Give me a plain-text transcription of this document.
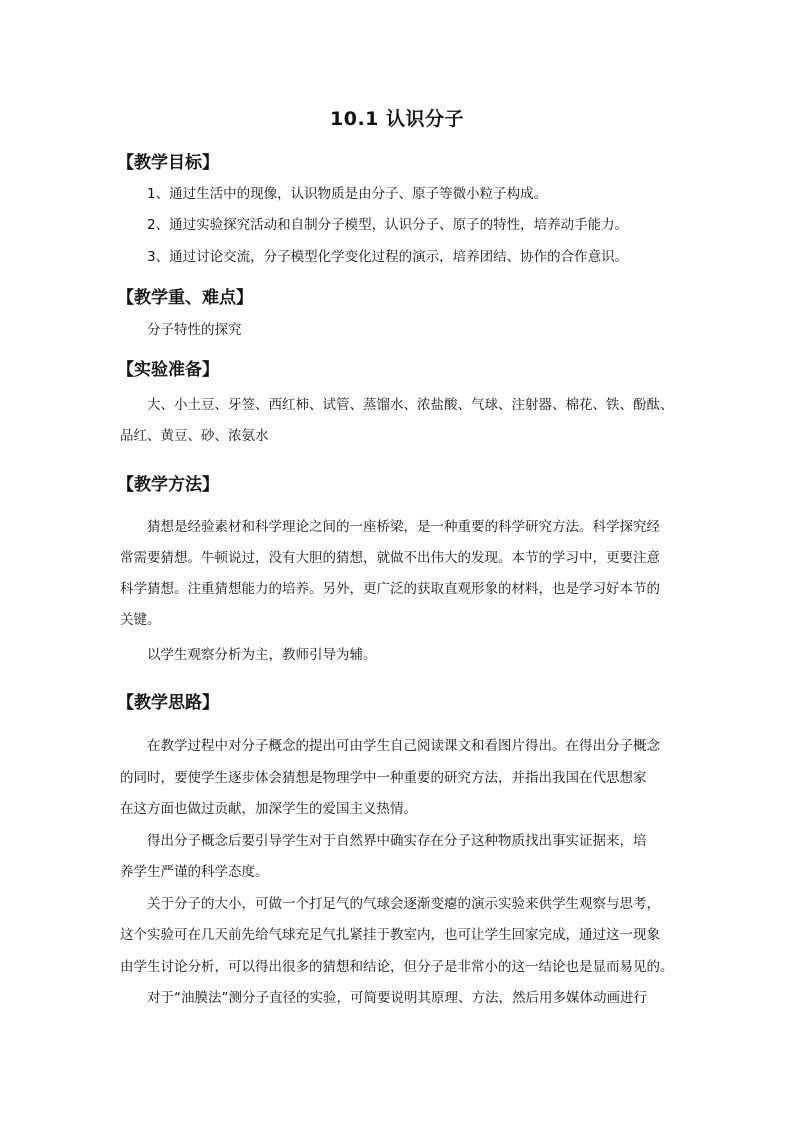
10.1 认识分子
【教学目标】
1、通过生活中的现像，认识物质是由分子、原子等微小粒子构成。
2、通过实验探究活动和自制分子模型，认识分子、原子的特性，培养动手能力。
3、通过讨论交流，分子模型化学变化过程的演示，培养团结、协作的合作意识。
【教学重、难点】
分子特性的探究
【实验准备】
大、小土豆、牙签、西红柿、试管、蒸馏水、浓盐酸、气球、注射器、棉花、铁、酚酞、
品红、黄豆、砂、浓氨水
【教学方法】
猜想是经验素材和科学理论之间的一座桥梁，是一种重要的科学研究方法。科学探究经
常需要猜想。牛顿说过，没有大胆的猜想，就做不出伟大的发现。本节的学习中，更要注意
科学猜想。注重猜想能力的培养。另外，更广泛的获取直观形象的材料，也是学习好本节的
关键。
以学生观察分析为主，教师引导为辅。
【教学思路】
在教学过程中对分子概念的提出可由学生自己阅读课文和看图片得出。在得出分子概念
的同时，要使学生逐步体会猜想是物理学中一种重要的研究方法，并指出我国在代思想家
在这方面也做过贡献，加深学生的爱国主义热情。
得出分子概念后要引导学生对于自然界中确实存在分子这种物质找出事实证据来，培
养学生严谨的科学态度。
关于分子的大小，可做一个打足气的气球会逐渐变瘪的演示实验来供学生观察与思考，
这个实验可在几天前先给气球充足气扎紧挂于教室内，也可让学生回家完成，通过这一现象
由学生讨论分析，可以得出很多的猜想和结论，但分子是非常小的这一结论也是显而易见的。
对于“油膜法”测分子直径的实验，可简要说明其原理、方法，然后用多媒体动画进行
